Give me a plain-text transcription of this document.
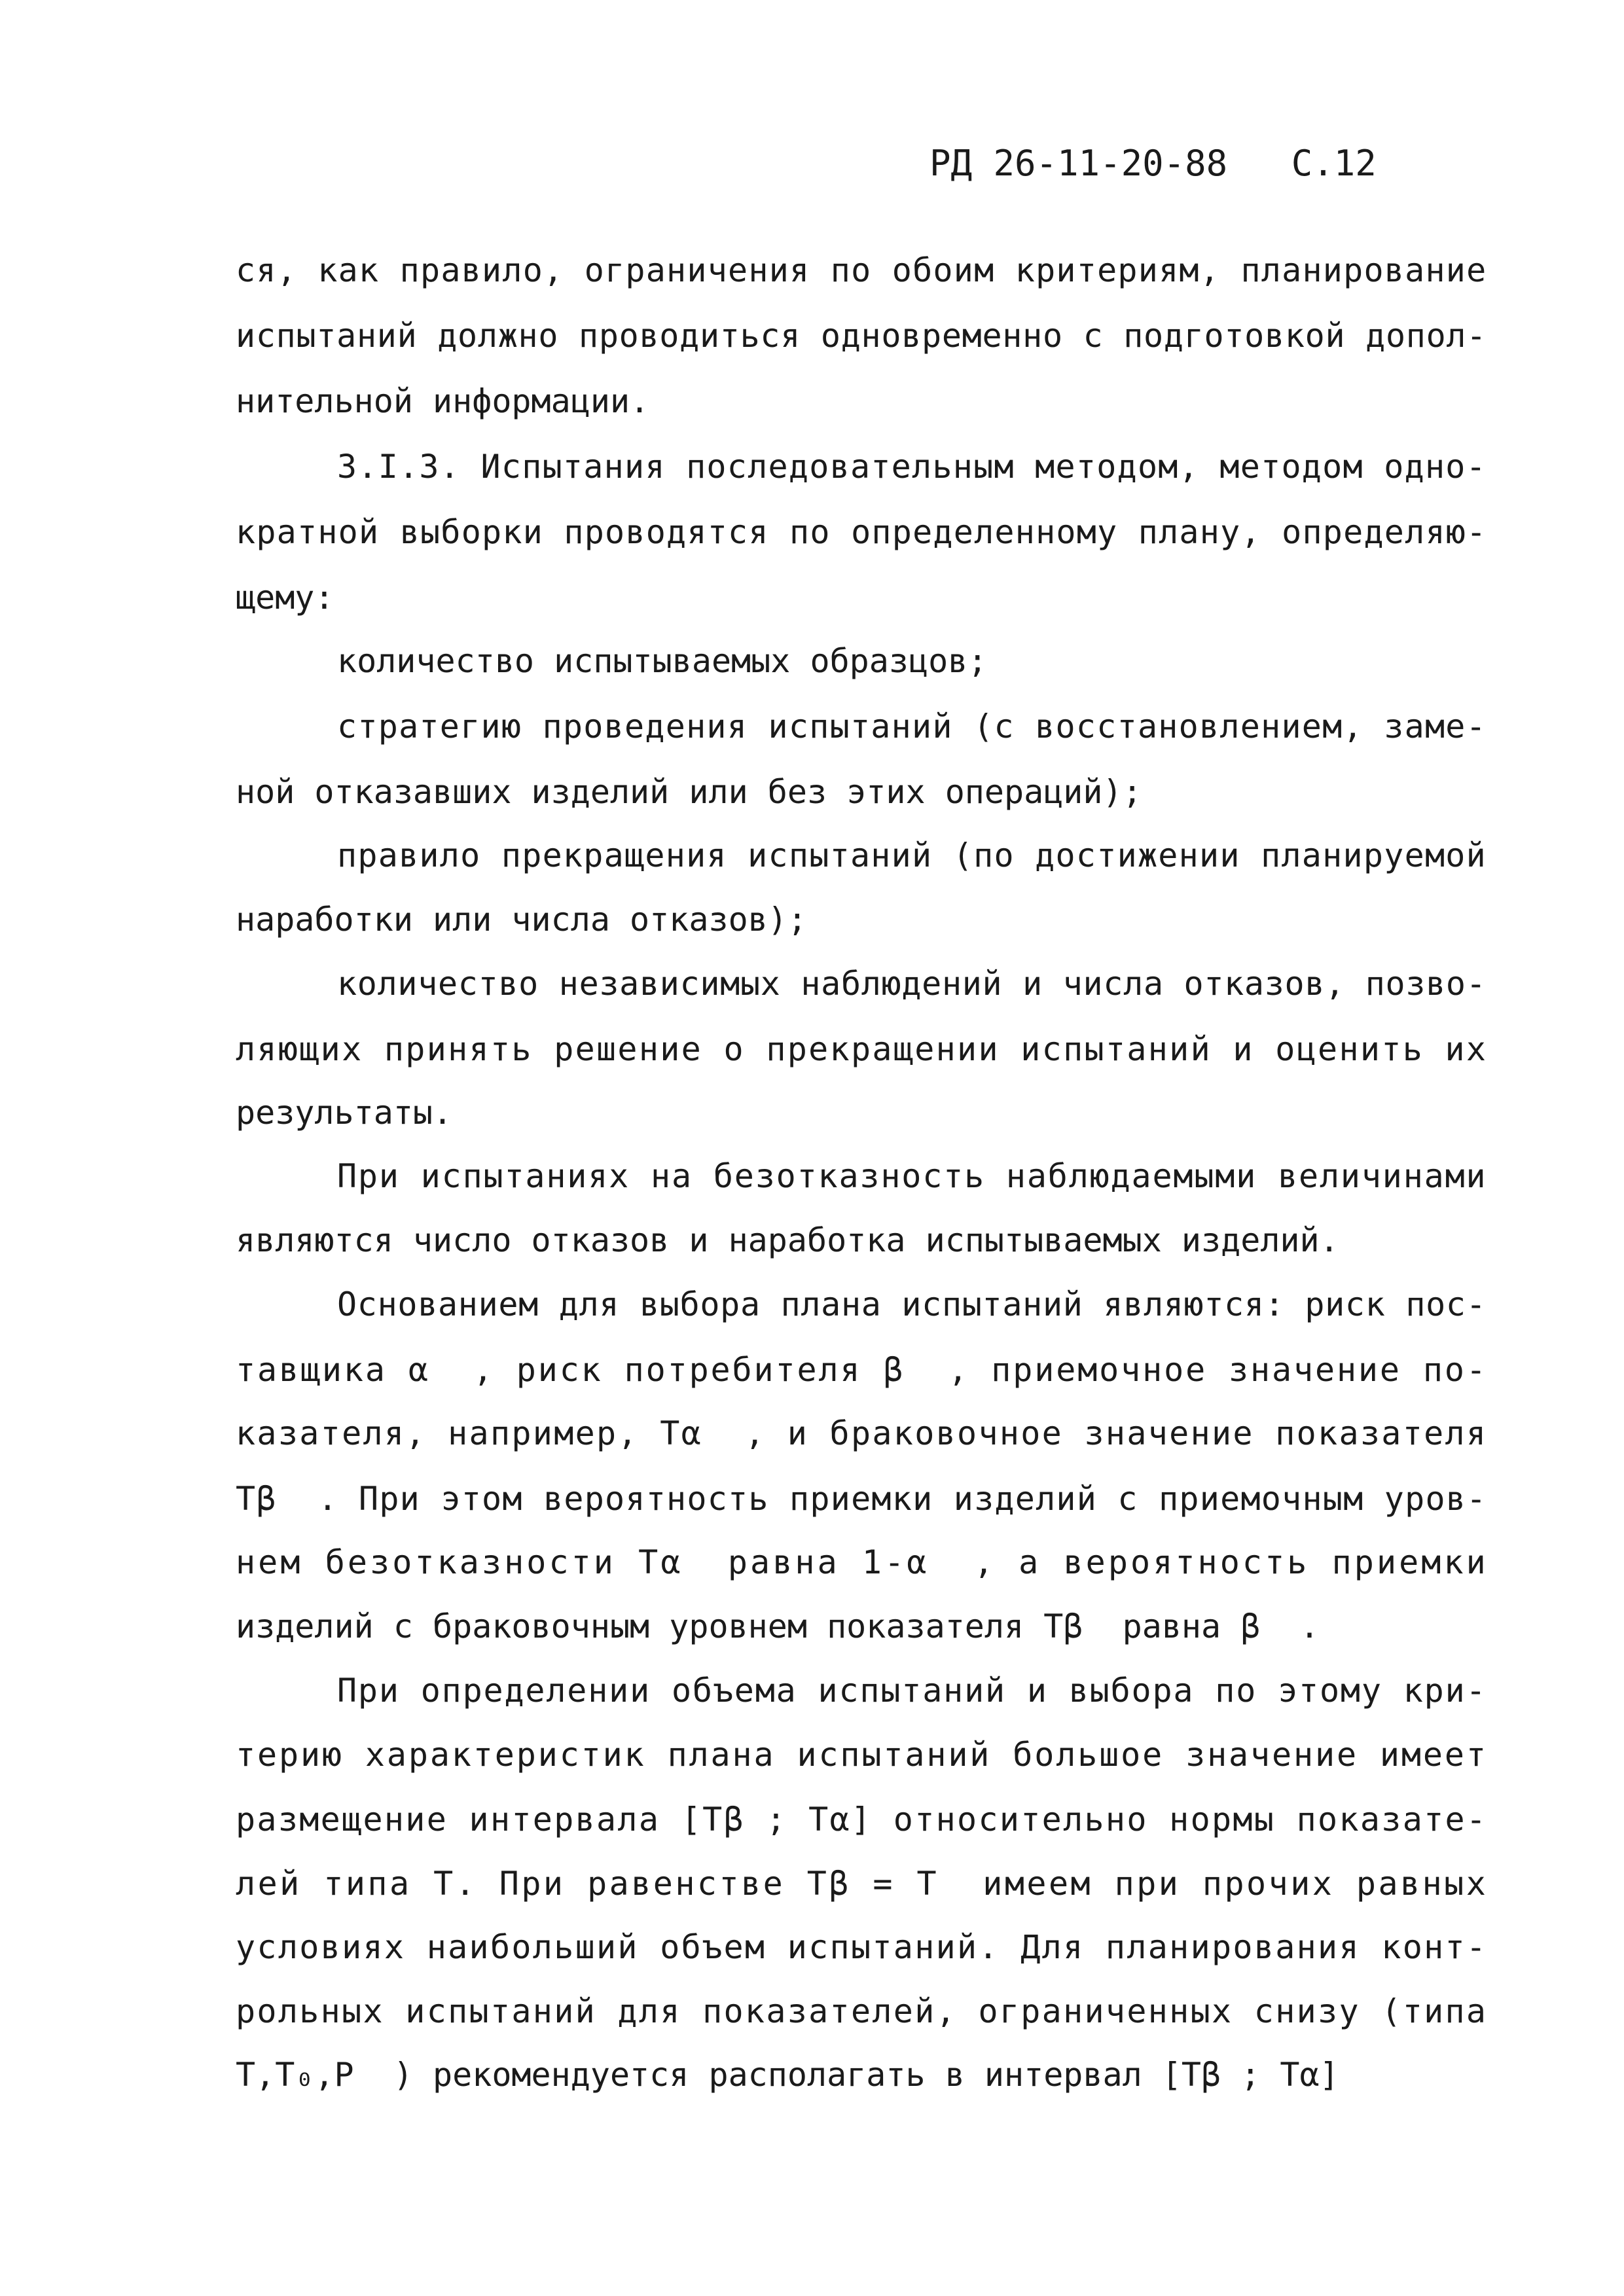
РД 26-11-20-88 С.12
ся, как правило, ограничения по обоим критериям, планирование
испытаний должно проводиться одновременно с подготовкой допол-
нительной информации.
3.I.3. Испытания последовательным методом, методом одно-
кратной выборки проводятся по определенному плану, определяю-
щему:
количество испытываемых образцов;
стратегию проведения испытаний (с восстановлением, заме-
ной отказавших изделий или без этих операций);
правило прекращения испытаний (по достижении планируемой
наработки или числа отказов);
количество независимых наблюдений и числа отказов, позво-
ляющих принять решение о прекращении испытаний и оценить их
результаты.
При испытаниях на безотказность наблюдаемыми величинами
являются число отказов и наработка испытываемых изделий.
Основанием для выбора плана испытаний являются: риск пос-
тавщика α  , риск потребителя β  , приемочное значение по-
казателя, например, Tα  , и браковочное значение показателя
Tβ  . При этом вероятность приемки изделий с приемочным уров-
нем безотказности Tα  равна 1-α  , а вероятность приемки
изделий с браковочным уровнем показателя Tβ  равна β  .
При определении объема испытаний и выбора по этому кри-
терию характеристик плана испытаний большое значение имеет
размещение интервала [Tβ ; Tα] относительно нормы показате-
лей типа Т. При равенстве Tβ = T  имеем при прочих равных
условиях наибольший объем испытаний. Для планирования конт-
рольных испытаний для показателей, ограниченных снизу (типа
T,T₀,P  ) рекомендуется располагать в интервал [Tβ ; Tα]
